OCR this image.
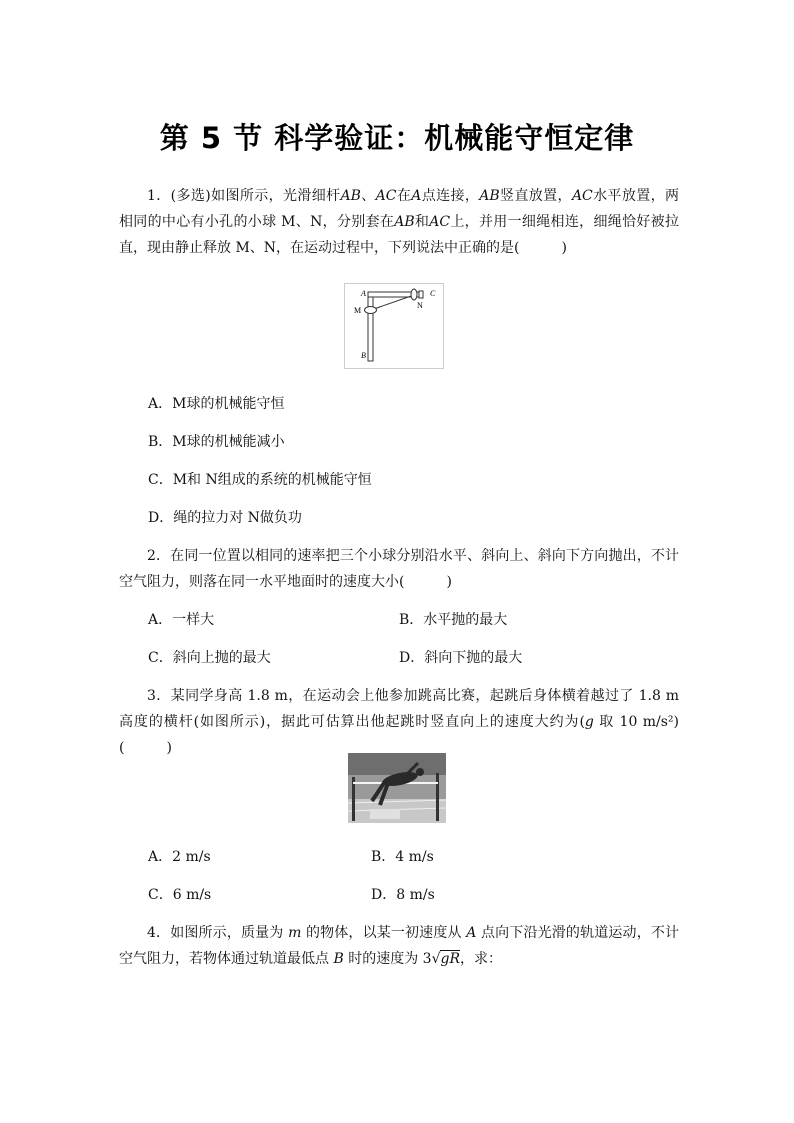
第 5 节 科学验证：机械能守恒定律

1．(多选)如图所示，光滑细杆AB、AC在A点连接，AB竖直放置，AC水平放置，两相同的中心有小孔的小球 M、N，分别套在AB和AC上，并用一细绳相连，细绳恰好被拉直，现由静止释放 M、N，在运动过程中，下列说法中正确的是(　　　)

A	C
M
N
B
A．M球的机械能守恒
B．M球的机械能减小
C．M和 N组成的系统的机械能守恒
D．绳的拉力对 N做负功

2．在同一位置以相同的速率把三个小球分别沿水平、斜向上、斜向下方向抛出，不计空气阻力，则落在同一水平地面时的速度大小(　　　)

A．一样大	B．水平抛的最大
C．斜向上抛的最大	D．斜向下抛的最大

3．某同学身高 1.8 m，在运动会上他参加跳高比赛，起跳后身体横着越过了 1.8 m 高度的横杆(如图所示)，据此可估算出他起跳时竖直向上的速度大约为(g 取 10 m/s²)(　　　)

A．2 m/s	B．4 m/s
C．6 m/s	D．8 m/s

4．如图所示，质量为 m 的物体，以某一初速度从 A 点向下沿光滑的轨道运动，不计空气阻力，若物体通过轨道最低点 B 时的速度为 3√gR，求：
